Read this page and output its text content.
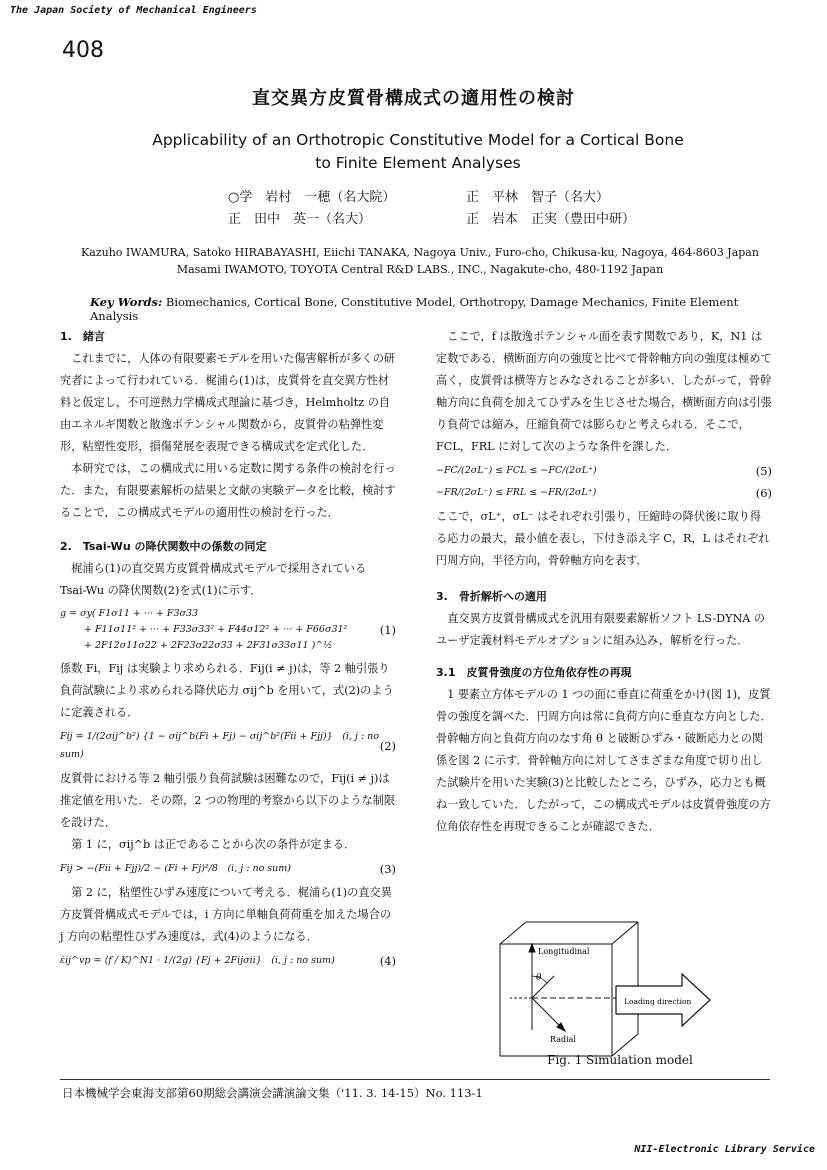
The Japan Society of Mechanical Engineers
408
直交異方皮質骨構成式の適用性の検討
Applicability of an Orthotropic Constitutive Model for a Cortical Bone
to Finite Element Analyses
○学　岩村　一穂（名大院）	正　平林　智子（名大）
正　田中　英一（名大）	正　岩本　正実（豊田中研）
Kazuho IWAMURA, Satoko HIRABAYASHI, Eiichi TANAKA, Nagoya Univ., Furo-cho, Chikusa-ku, Nagoya, 464-8603 Japan
Masami IWAMOTO, TOYOTA Central R&D LABS., INC., Nagakute-cho, 480-1192 Japan
Key Words: Biomechanics, Cortical Bone, Constitutive Model, Orthotropy, Damage Mechanics, Finite Element Analysis

1.　緒言

これまでに，人体の有限要素モデルを用いた傷害解析が多くの研究者によって行われている．梶浦ら(1)は，皮質骨を直交異方性材料と仮定し，不可逆熱力学構成式理論に基づき，Helmholtz の自由エネルギ関数と散逸ポテンシャル関数から，皮質骨の粘弾性変形，粘塑性変形，損傷発展を表現できる構成式を定式化した．

本研究では，この構成式に用いる定数に関する条件の検討を行った．また，有限要素解析の結果と文献の実験データを比較，検討することで，この構成式モデルの適用性の検討を行った．

2.　Tsai-Wu の降伏関数中の係数の同定

梶浦ら(1)の直交異方皮質骨構成式モデルで採用されている Tsai-Wu の降伏関数(2)を式(1)に示す．

g = σy( F1σ11 + ··· + F3σ33
+ F11σ11² + ··· + F33σ33² + F44σ12² + ··· + F66σ31²
+ 2F12σ11σ22 + 2F23σ22σ33 + 2F31σ33σ11 )^½
(1)

係数 Fi，Fij は実験より求められる．Fij(i ≠ j)は，等 2 軸引張り負荷試験により求められる降伏応力 σij^b を用いて，式(2)のように定義される．

Fij = 1/(2σij^b²) {1 − σij^b(Fi + Fj) − σij^b²(Fii + Fjj)}　(i, j : no sum)
(2)

皮質骨における等 2 軸引張り負荷試験は困難なので，Fij(i ≠ j)は推定値を用いた．その際，2 つの物理的考察から以下のような制限を設けた．

第 1 に，σij^b は正であることから次の条件が定まる．

Fij > −(Fii + Fjj)/2 − (Fi + Fj)²/8　(i, j : no sum)	(3)

第 2 に，粘塑性ひずみ速度について考える．梶浦ら(1)の直交異方皮質骨構成式モデルでは，i 方向に単軸負荷荷重を加えた場合の j 方向の粘塑性ひずみ速度は，式(4)のようになる．

ε̇ij^vp = ⟨f / K⟩^N1 · 1/(2g) {Fj + 2Fijσii}　(i, j : no sum)	(4)

ここで，f は散逸ポテンシャル面を表す関数であり，K，N1 は定数である．横断面方向の強度と比べて骨幹軸方向の強度は極めて高く，皮質骨は横等方とみなされることが多い．したがって，骨幹軸方向に負荷を加えてひずみを生じさせた場合，横断面方向は引張り負荷では縮み，圧縮負荷では膨らむと考えられる．そこで，FCL，FRL に対して次のような条件を課した．

−FC/(2σL⁻) ≤ FCL ≤ −FC/(2σL⁺)	(5)
−FR/(2σL⁻) ≤ FRL ≤ −FR/(2σL⁺)	(6)

ここで，σL⁺，σL⁻ はそれぞれ引張り，圧縮時の降伏後に取り得る応力の最大，最小値を表し，下付き添え字 C，R，L はそれぞれ円周方向，半径方向，骨幹軸方向を表す．

3.　骨折解析への適用

直交異方皮質骨構成式を汎用有限要素解析ソフト LS-DYNA のユーザ定義材料モデルオプションに組み込み，解析を行った．

3.1　皮質骨強度の方位角依存性の再現

1 要素立方体モデルの 1 つの面に垂直に荷重をかけ(図 1)，皮質骨の強度を調べた．円周方向は常に負荷方向に垂直な方向とした．骨幹軸方向と負荷方向のなす角 θ と破断ひずみ・破断応力との関係を図 2 に示す．骨幹軸方向に対してさまざまな角度で切り出した試験片を用いた実験(3)と比較したところ，ひずみ，応力とも概ね一致していた．したがって，この構成式モデルは皮質骨強度の方位角依存性を再現できることが確認できた．

Longitudinal
θ
Radial
Loading direction
Fig. 1 Simulation model
日本機械学会東海支部第60期総会講演会講演論文集（'11. 3. 14-15）No. 113-1
NII-Electronic Library Service
